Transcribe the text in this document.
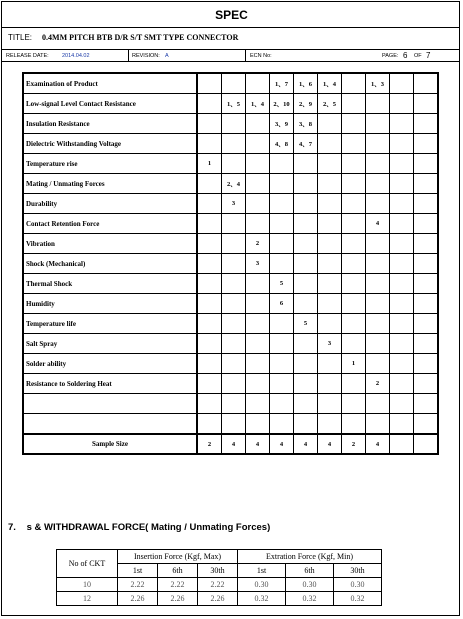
SPEC
TITLE: 0.4MM PITCH BTB D/R S/T SMT TYPE CONNECTOR
RELEASE DATE: 2014.04.02	REVISION: A	ECN No:	PAGE: 6 OF 7
Examination of Product				1、7	1、6	1、4		1、3		
Low-signal Level Contact Resistance		1、5	1、4	2、10	2、9	2、5				
Insulation Resistance				3、9	3、8					
Dielectric Withstanding Voltage				4、8	4、7					
Temperature rise	1									
Mating / Unmating Forces		2、4								
Durability		3								
Contact Retention Force								4		
Vibration			2							
Shock (Mechanical)			3							
Thermal Shock				5						
Humidity				6						
Temperature life					5					
Salt Spray						3				
Solder ability							1			
Resistance to Soldering Heat								2		

Sample Size	2	4	4	4	4	4	2	4		
7. s & WITHDRAWAL FORCE( Mating / Unmating Forces)
No of CKT	Insertion Force (Kgf, Max)			Extration Force (Kgf, Min)		
	1st	6th	30th	1st	6th	30th
10	2.22	2.22	2.22	0.30	0.30	0.30
12	2.26	2.26	2.26	0.32	0.32	0.32
